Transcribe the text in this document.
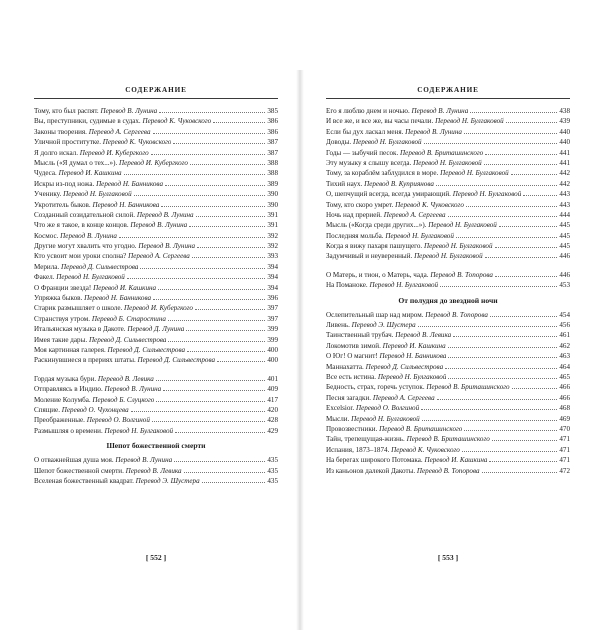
СОДЕРЖАНИЕ
Тому, кто был распят. Перевод В. Лунина	385
Вы, преступники, судимые в судах. Перевод К. Чуковского	386
Законы творения. Перевод А. Сергеева	386
Уличной проститутке. Перевод К. Чуковского	387
Я долго искал. Перевод И. Кубергкого	387
Мысль («Я думал о тех...»). Перевод И. Кубергкого	388
Чудеса. Перевод И. Кашкина	388
Искры из-под ножа. Перевод Н. Банникова	389
Ученику. Перевод Н. Булгаковой	390
Укротитель быков. Перевод Н. Банникова	390
Созданный созидательной силой. Перевод В. Лунина	391
Что же я такое, в конце концов. Перевод В. Лунина	391
Космос. Перевод В. Лунина	392
Другие могут хвалить что угодно. Перевод В. Лунина	392
Кто усвоит мои уроки сполна? Перевод А. Сергеева	393
Мерила. Перевод Д. Сильвестрова	394
Факел. Перевод Н. Булгаковой	394
О Франции звезда! Перевод И. Кашкина	394
Упряжка быков. Перевод Н. Банникова	396
Старик размышляет о школе. Перевод И. Кубергкого	397
Странствуя утром. Перевод Б. Старостина	397
Итальянская музыка в Дакоте. Перевод Д. Лунина	399
Имея такие дары. Перевод Д. Сильвестрова	399
Моя картинная галерея. Перевод Д. Сильвестрова	400
Раскинувшиеся в прериях штаты. Перевод Д. Сильвестрова	400
Гордая музыка бури. Перевод В. Левика	401
Отправляясь в Индию. Перевод В. Лунина	409
Моление Колумба. Перевод Б. Слуцкого	417
Спящие. Перевод О. Чухонцева	420
Преображенные. Перевод О. Волгиной	428
Размышляя о времени. Перевод Н. Булгаковой	429
Шепот божественной смерти
О отважнейшая душа моя. Перевод В. Лунина	435
Шепот божественной смерти. Перевод В. Левика	435
Вселеная божественный квадрат. Перевод Э. Шустера	435
[ 552 ]
СОДЕРЖАНИЕ
Его я люблю днем и ночью. Перевод В. Лунина	438
И все же, и все же, вы часы печали. Перевод Н. Булгаковой	439
Если бы дух ласкал меня. Перевод В. Лунина	440
Доводы. Перевод Н. Булгаковой	440
Годы — зыбучий песок. Перевод В. Бриташинского	441
Эту музыку я слышу всегда. Перевод Н. Булгаковой	441
Тому, за кораблём заблудился в море. Перевод Н. Булгаковой	442
Тихий наух. Перевод В. Куприянова	442
О, шепчущий всегда, всегда умирающий. Перевод Н. Булгаковой	443
Тому, кто скоро умрет. Перевод К. Чуковского	443
Ночь над прерией. Перевод А. Сергеева	444
Мысль («Когда среди других...»). Перевод Н. Булгаковой	445
Последняя мольба. Перевод Н. Булгаковой	445
Когда я вижу пахаря пашущего. Перевод Н. Булгаковой	445
Задумчивый и неуверенный. Перевод Н. Булгаковой	446
О Матерь, и тион, о Матерь, чада. Перевод В. Топорова	446
На Поманоке. Перевод Н. Булгаковой	453
От полудня до звездной ночи
Ослепительный шар над миром. Перевод В. Топорова	454
Ливень. Перевод Э. Шустера	456
Таинственный трубач. Перевод В. Левика	461
Локомотив зимой. Перевод И. Кашкина	462
О Юг! О магнит! Перевод Н. Банникова	463
Маннахатта. Перевод Д. Сильвестрова	464
Все есть истина. Перевод Н. Булгаковой	465
Бедность, страх, горечь уступок. Перевод В. Бриташинского	466
Песня загадки. Перевод А. Сергеева	466
Excelsior. Перевод О. Волгиной	468
Мысли. Перевод Н. Булгаковой	469
Провозвестники. Перевод В. Бриташинского	470
Тайн, трепещущая-жизнь. Перевод В. Бриташинского	471
Испания, 1873–1874. Перевод К. Чуковского	471
На берегах широкого Потомака. Перевод И. Кашкина	471
Из каньонов далекой Дакоты. Перевод В. Топорова	472
[ 553 ]
